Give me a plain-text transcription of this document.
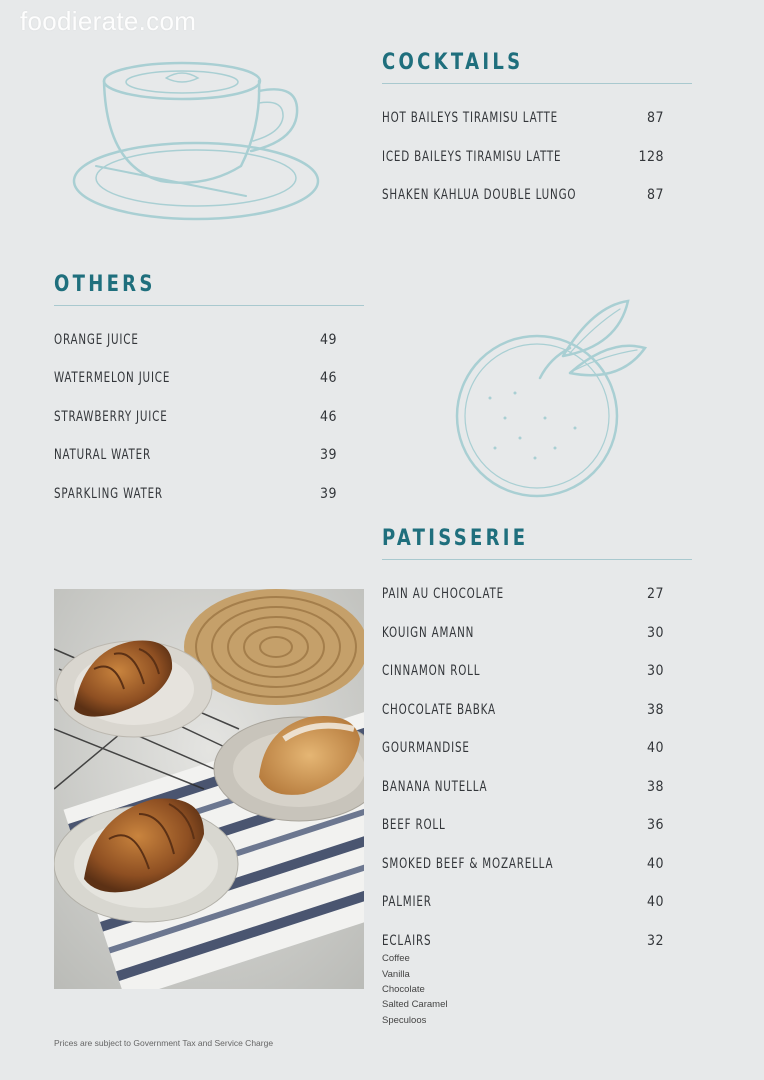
foodierate.com
COCKTAILS
HOT BAILEYS TIRAMISU LATTE	87
ICED BAILEYS TIRAMISU LATTE	128
SHAKEN KAHLUA DOUBLE LUNGO	87
OTHERS
ORANGE JUICE	49
WATERMELON JUICE	46
STRAWBERRY JUICE	46
NATURAL WATER	39
SPARKLING WATER	39
PATISSERIE
PAIN AU CHOCOLATE	27
KOUIGN AMANN	30
CINNAMON ROLL	30
CHOCOLATE BABKA	38
GOURMANDISE	40
BANANA NUTELLA	38
BEEF ROLL	36
SMOKED BEEF & MOZARELLA	40
PALMIER	40
ECLAIRS	32
Coffee
Vanilla
Chocolate
Salted Caramel
Speculoos
Prices are subject to Government Tax and Service Charge
